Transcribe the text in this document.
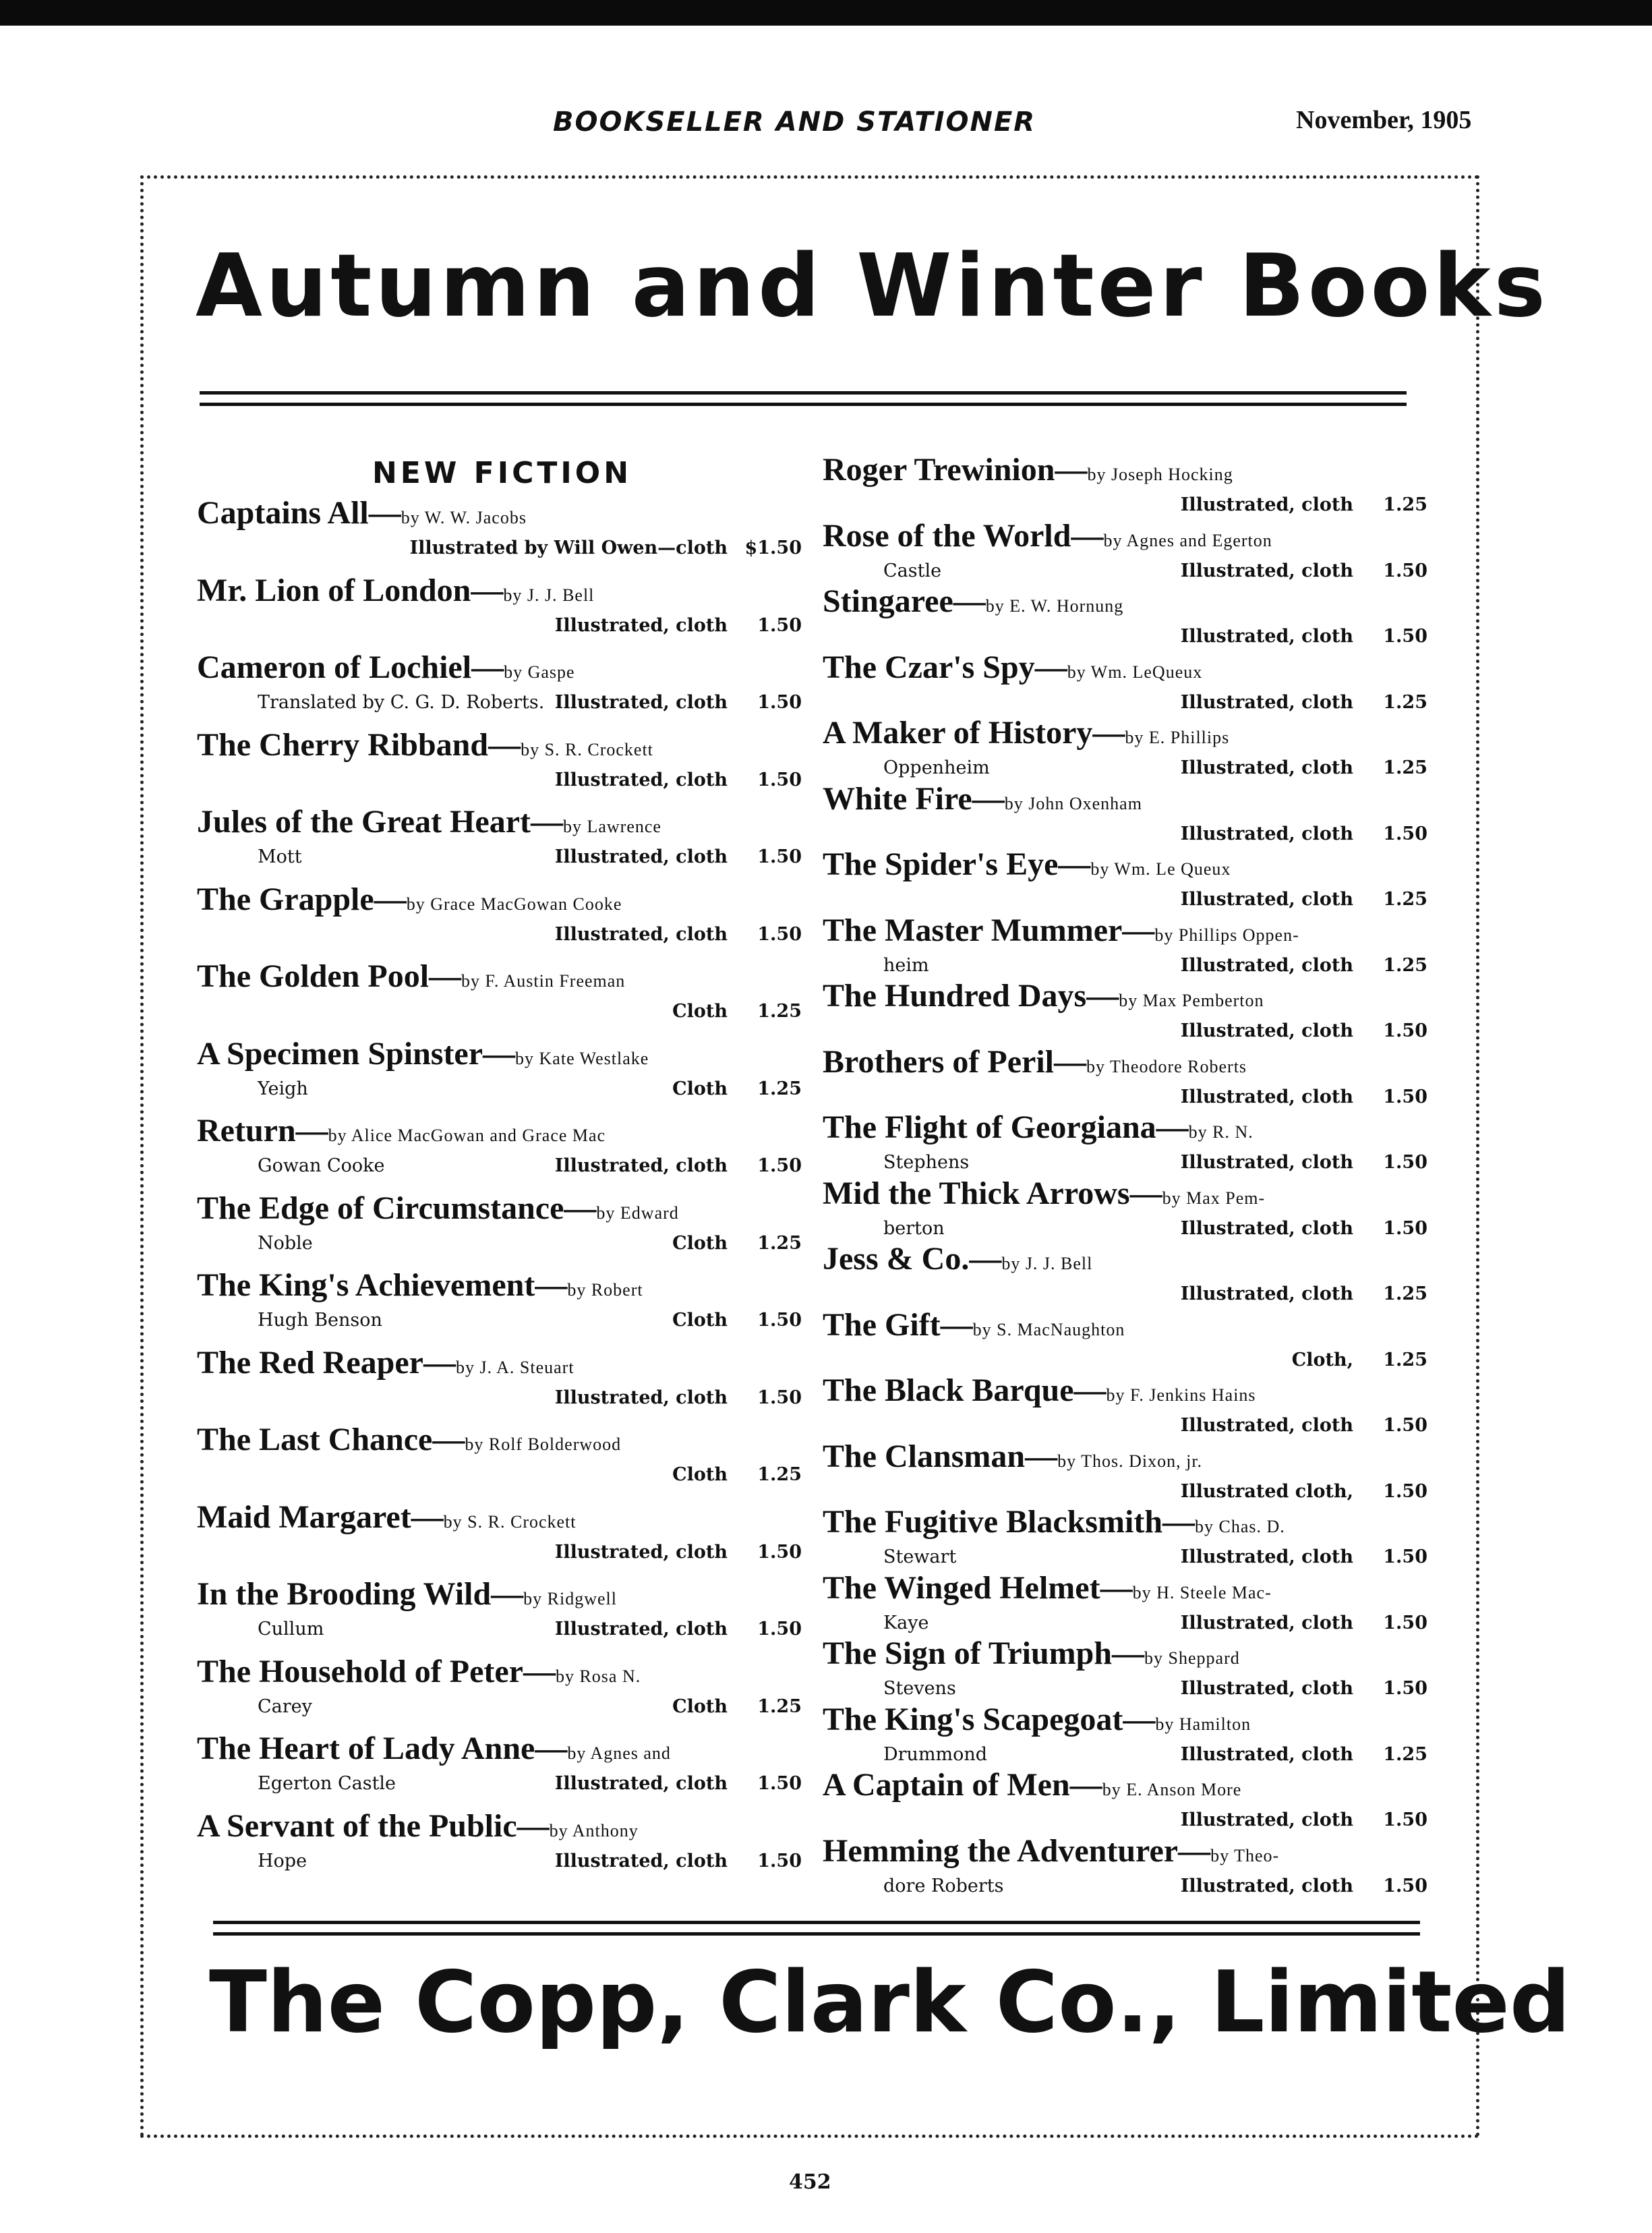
BOOKSELLER AND STATIONER	November, 1905
Autumn and Winter Books
NEW FICTION
Captains All—by W. W. Jacobs
Illustrated by Will Owen—cloth $1.50
Mr. Lion of London—by J. J. Bell
Illustrated, cloth 1.50
Cameron of Lochiel—by Gaspe
Translated by C. G. D. Roberts. Illustrated, cloth 1.50
The Cherry Ribband—by S. R. Crockett
Illustrated, cloth 1.50
Jules of the Great Heart—by Lawrence
Mott	Illustrated, cloth 1.50
The Grapple—by Grace MacGowan Cooke
Illustrated, cloth 1.50
The Golden Pool—by F. Austin Freeman
Cloth 1.25
A Specimen Spinster—by Kate Westlake
Yeigh	Cloth 1.25
Return—by Alice MacGowan and Grace Mac
Gowan Cooke	Illustrated, cloth 1.50
The Edge of Circumstance—by Edward
Noble	Cloth 1.25
The King's Achievement—by Robert
Hugh Benson	Cloth 1.50
The Red Reaper—by J. A. Steuart
Illustrated, cloth 1.50
The Last Chance—by Rolf Bolderwood
Cloth 1.25
Maid Margaret—by S. R. Crockett
Illustrated, cloth 1.50
In the Brooding Wild—by Ridgwell
Cullum	Illustrated, cloth 1.50
The Household of Peter—by Rosa N.
Carey	Cloth 1.25
The Heart of Lady Anne—by Agnes and
Egerton Castle	Illustrated, cloth 1.50
A Servant of the Public—by Anthony
Hope	Illustrated, cloth 1.50
Roger Trewinion—by Joseph Hocking
Illustrated, cloth 1.25
Rose of the World—by Agnes and Egerton
Castle	Illustrated, cloth 1.50
Stingaree—by E. W. Hornung
Illustrated, cloth 1.50
The Czar's Spy—by Wm. LeQueux
Illustrated, cloth 1.25
A Maker of History—by E. Phillips
Oppenheim	Illustrated, cloth 1.25
White Fire—by John Oxenham
Illustrated, cloth 1.50
The Spider's Eye—by Wm. Le Queux
Illustrated, cloth 1.25
The Master Mummer—by Phillips Oppen-
heim	Illustrated, cloth 1.25
The Hundred Days—by Max Pemberton
Illustrated, cloth 1.50
Brothers of Peril—by Theodore Roberts
Illustrated, cloth 1.50
The Flight of Georgiana—by R. N.
Stephens	Illustrated, cloth 1.50
Mid the Thick Arrows—by Max Pem-
berton	Illustrated, cloth 1.50
Jess & Co.—by J. J. Bell
Illustrated, cloth 1.25
The Gift—by S. MacNaughton
Cloth, 1.25
The Black Barque—by F. Jenkins Hains
Illustrated, cloth 1.50
The Clansman—by Thos. Dixon, jr.
Illustrated cloth, 1.50
The Fugitive Blacksmith—by Chas. D.
Stewart	Illustrated, cloth 1.50
The Winged Helmet—by H. Steele Mac-
Kaye	Illustrated, cloth 1.50
The Sign of Triumph—by Sheppard
Stevens	Illustrated, cloth 1.50
The King's Scapegoat—by Hamilton
Drummond	Illustrated, cloth 1.25
A Captain of Men—by E. Anson More
Illustrated, cloth 1.50
Hemming the Adventurer—by Theo-
dore Roberts	Illustrated, cloth 1.50
The Copp, Clark Co., Limited
452
